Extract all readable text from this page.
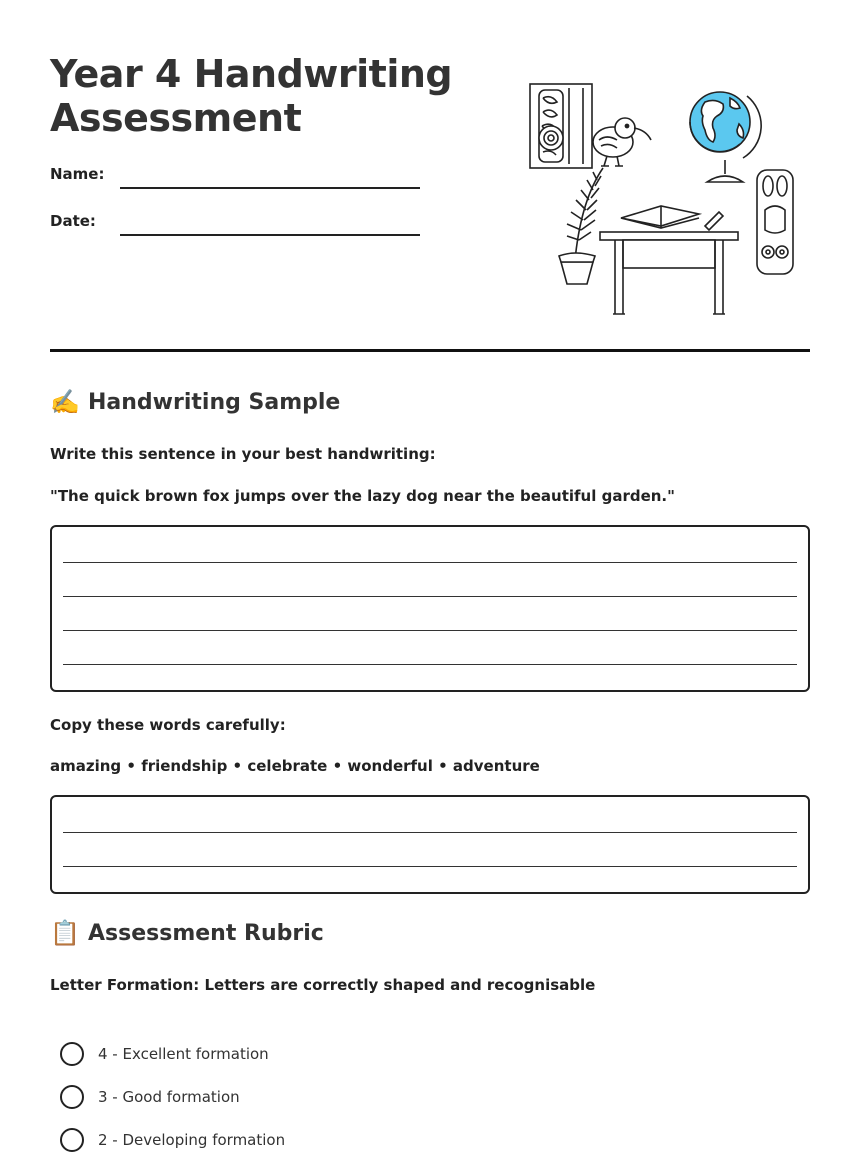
Year 4 Handwriting
Assessment
Name:
Date:
✍️ Handwriting Sample
Write this sentence in your best handwriting:
"The quick brown fox jumps over the lazy dog near the beautiful garden."
Copy these words carefully:
amazing • friendship • celebrate • wonderful • adventure
📋 Assessment Rubric
Letter Formation: Letters are correctly shaped and recognisable
4 - Excellent formation
3 - Good formation
2 - Developing formation
